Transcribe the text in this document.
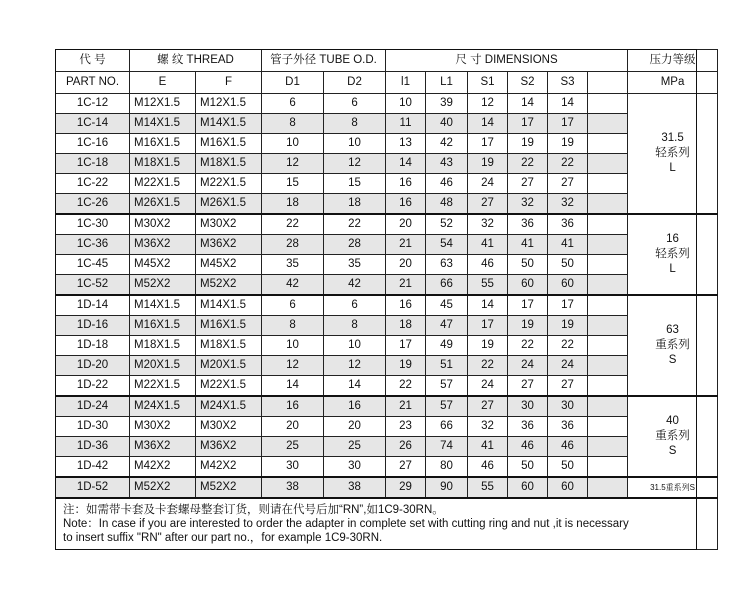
代 号	螺 纹 THREAD		管子外径 TUBE O.D.		尺 寸 DIMENSIONS						压力等级
PART NO.	E	F	D1	D2	l1	L1	S1	S2	S3		MPa
1C-12	M12X1.5	M12X1.5	6	6	10	39	12	14	14		31.5
轻系列
L

1C-14	M14X1.5	M14X1.5	8	8	11	40	14	17	17		
1C-16	M16X1.5	M16X1.5	10	10	13	42	17	19	19		
1C-18	M18X1.5	M18X1.5	12	12	14	43	19	22	22		
1C-22	M22X1.5	M22X1.5	15	15	16	46	24	27	27		
1C-26	M26X1.5	M26X1.5	18	18	16	48	27	32	32		
1C-30	M30X2	M30X2	22	22	20	52	32	36	36		16
轻系列
L

1C-36	M36X2	M36X2	28	28	21	54	41	41	41		
1C-45	M45X2	M45X2	35	35	20	63	46	50	50		
1C-52	M52X2	M52X2	42	42	21	66	55	60	60		
1D-14	M14X1.5	M14X1.5	6	6	16	45	14	17	17		63
重系列
S

1D-16	M16X1.5	M16X1.5	8	8	18	47	17	19	19		
1D-18	M18X1.5	M18X1.5	10	10	17	49	19	22	22		
1D-20	M20X1.5	M20X1.5	12	12	19	51	22	24	24		
1D-22	M22X1.5	M22X1.5	14	14	22	57	24	27	27		
1D-24	M24X1.5	M24X1.5	16	16	21	57	27	30	30		40
重系列
S

1D-30	M30X2	M30X2	20	20	23	66	32	36	36		
1D-36	M36X2	M36X2	25	25	26	74	41	46	46		
1D-42	M42X2	M42X2	30	30	27	80	46	50	50		
1D-52	M52X2	M52X2	38	38	29	90	55	60	60		31.5重系列S

注：如需带卡套及卡套螺母整套订货，则请在代号后加“RN”,如1C9-30RN。
Note：In case if you are interested to order the adapter in complete set with cutting ring and nut ,it is necessary
to insert suffix "RN" after our part no.，for example 1C9-30RN.											
